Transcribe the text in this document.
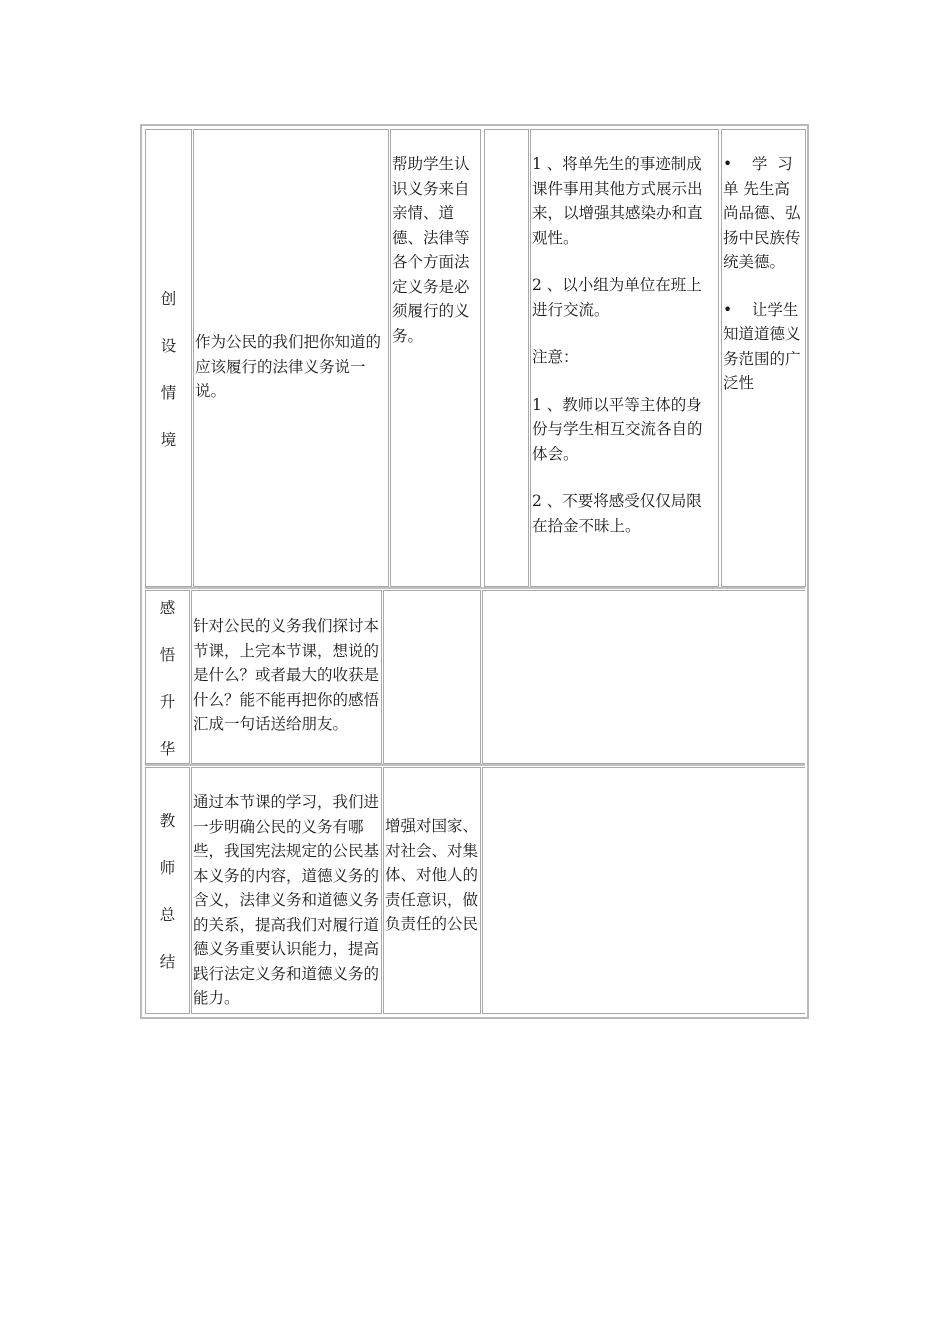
创
设
情
境
作为公民的我们把你知道的应该履行的法律义务说一说。
帮助学生认识义务来自亲情、道德、法律等各个方面法定义务是必须履行的义务。

1 、将单先生的事迹制成课件事用其他方式展示出来，以增强其感染办和直观性。

2 、以小组为单位在班上进行交流。

注意：

1 、教师以平等主体的身份与学生相互交流各自的体会。

2 、不要将感受仅仅局限在拾金不昧上。

•    学  习单 先生高尚品德、弘扬中民族传统美德。

•    让学生知道道德义务范围的广泛性

感
悟
升
华
针对公民的义务我们探讨本节课，上完本节课，想说的是什么？或者最大的收获是什么？能不能再把你的感悟汇成一句话送给朋友。
教
师
总
结
通过本节课的学习，我们进一步明确公民的义务有哪些，我国宪法规定的公民基本义务的内容，道德义务的含义，法律义务和道德义务的关系，提高我们对履行道德义务重要认识能力，提高践行法定义务和道德义务的能力。
增强对国家、对社会、对集体、对他人的责任意识，做负责任的公民
